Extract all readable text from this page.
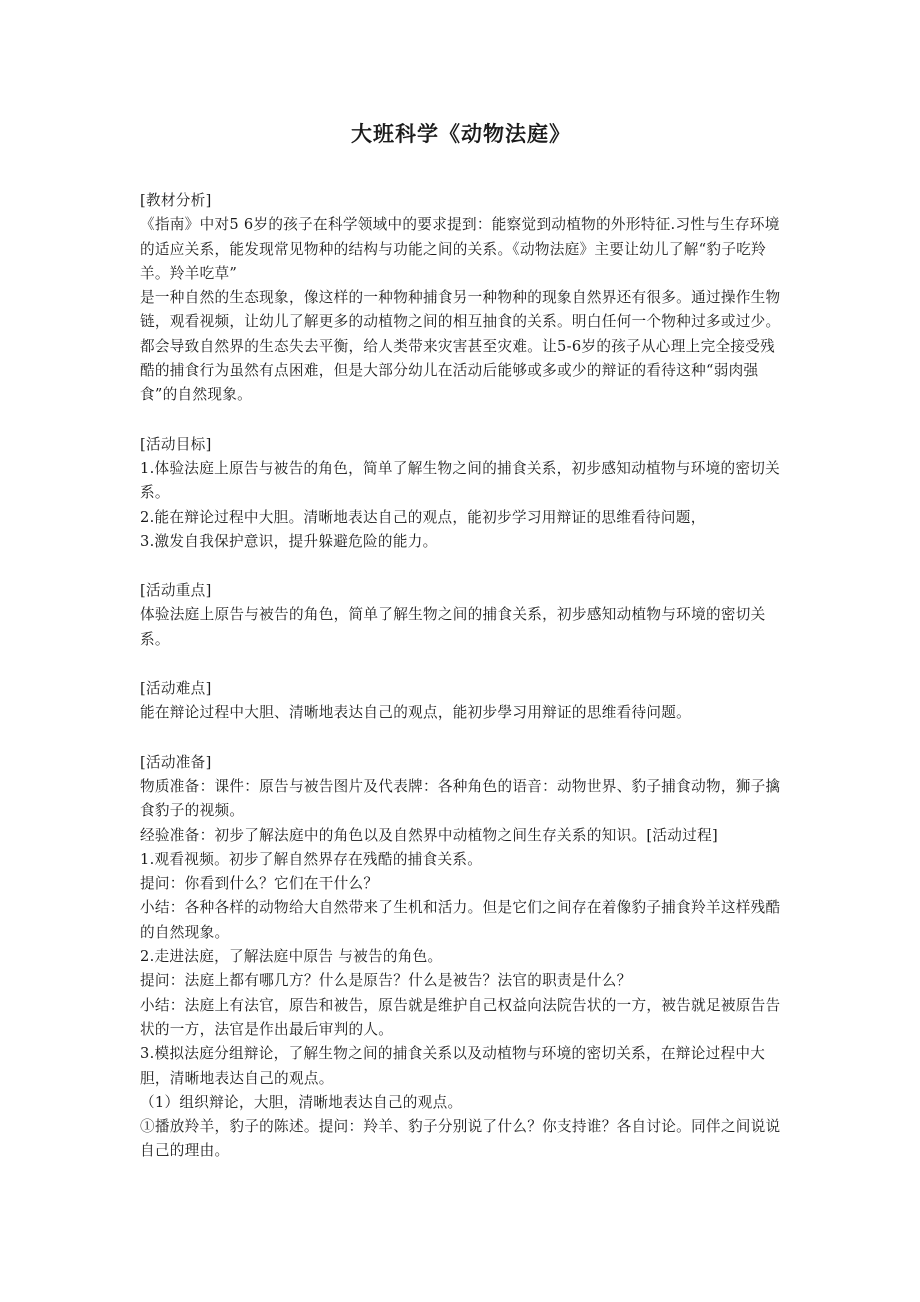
大班科学《动物法庭》

[教材分析]

《指南》中对5 6岁的孩子在科学领域中的要求提到：能察觉到动植物的外形特征.习性与生存环境的适应关系，能发现常见物种的结构与功能之间的关系。《动物法庭》主要让幼儿了解“豹子吃羚羊。羚羊吃草”

是一种自然的生态现象，像这样的一种物种捕食另一种物种的现象自然界还有很多。通过操作生物链，观看视频，让幼儿了解更多的动植物之间的相互抽食的关系。明白任何一个物种过多或过少。都会导致自然界的生态失去平衡，给人类带来灾害甚至灾难。让5-6岁的孩子从心理上完全接受残酷的捕食行为虽然有点困难，但是大部分幼儿在活动后能够或多或少的辩证的看待这种“弱肉强食”的自然现象。

[活动目标]

1.体验法庭上原告与被告的角色，简单了解生物之间的捕食关系，初步感知动植物与环境的密切关系。

2.能在辩论过程中大胆。清晰地表达自己的观点，能初步学习用辩证的思维看待问题，

3.激发自我保护意识，提升躲避危险的能力。

[活动重点]

体验法庭上原告与被告的角色，简单了解生物之间的捕食关系，初步感知动植物与环境的密切关系。

[活动难点]

能在辩论过程中大胆、清晰地表达自己的观点，能初步學习用辩证的思维看待问题。

[活动准备]

物质准备：课件：原告与被告图片及代表牌：各种角色的语音：动物世界、豹子捕食动物，狮子擒食豹子的视频。

经验准备：初步了解法庭中的角色以及自然界中动植物之间生存关系的知识。[活动过程]

1.观看视频。初步了解自然界存在残酷的捕食关系。

提问：你看到什么？它们在干什么？

小结：各种各样的动物给大自然带来了生机和活力。但是它们之间存在着像豹子捕食羚羊这样残酷的自然现象。

2.走进法庭，了解法庭中原告 与被告的角色。

提问：法庭上都有哪几方？什么是原告？什么是被告？法官的职责是什么？

小结：法庭上有法官，原告和被告，原告就是维护自己权益向法院告状的一方，被告就足被原告告状的一方，法官是作出最后审判的人。

3.模拟法庭分组辩论，了解生物之间的捕食关系以及动植物与环境的密切关系，在辩论过程中大胆，清晰地表达自己的观点。

（1）组织辩论，大胆，清晰地表达自己的观点。

①播放羚羊，豹子的陈述。提问：羚羊、豹子分别说了什么？你支持谁？各自讨论。同伴之间说说自己的理由。
